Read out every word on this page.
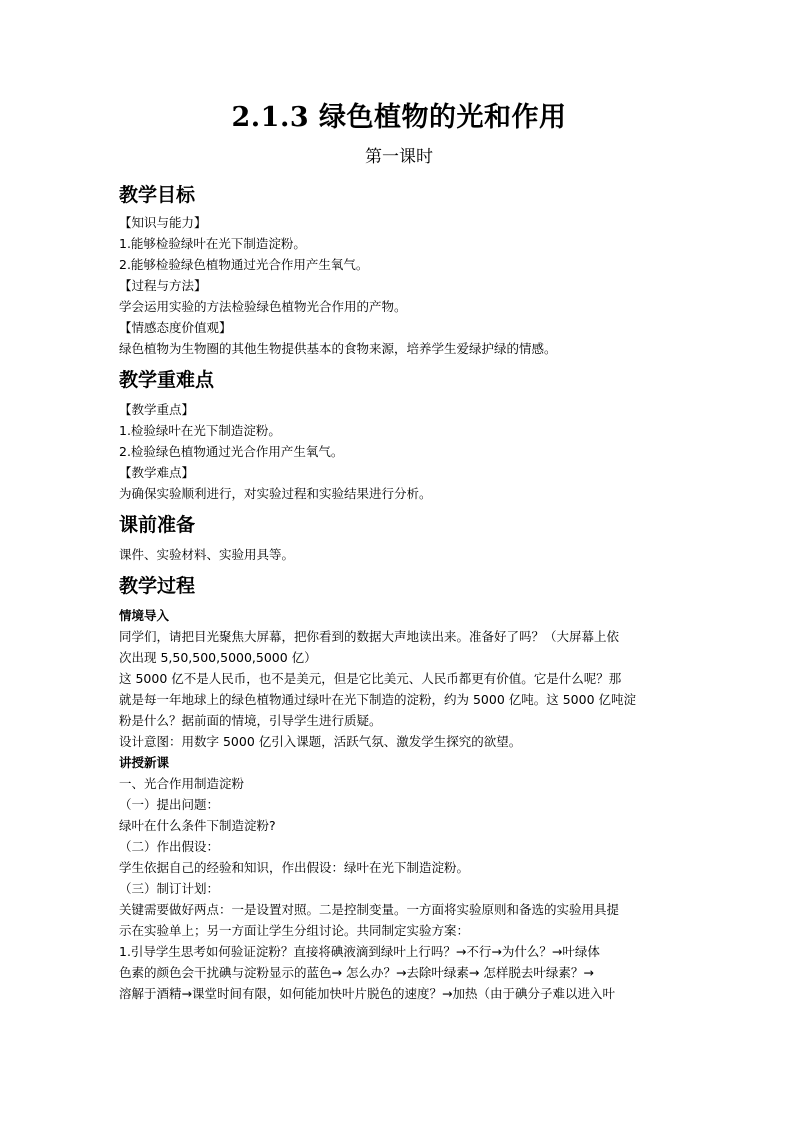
2.1.3 绿色植物的光和作用

第一课时

教学目标

【知识与能力】

1.能够检验绿叶在光下制造淀粉。

2.能够检验绿色植物通过光合作用产生氧气。

【过程与方法】

学会运用实验的方法检验绿色植物光合作用的产物。

【情感态度价值观】

绿色植物为生物圈的其他生物提供基本的食物来源，培养学生爱绿护绿的情感。

教学重难点

【教学重点】

1.检验绿叶在光下制造淀粉。

2.检验绿色植物通过光合作用产生氧气。

【教学难点】

为确保实验顺利进行，对实验过程和实验结果进行分析。

课前准备

课件、实验材料、实验用具等。

教学过程

情境导入

同学们，请把目光聚焦大屏幕，把你看到的数据大声地读出来。准备好了吗？（大屏幕上依

次出现 5,50,500,5000,5000 亿）

这 5000 亿不是人民币，也不是美元，但是它比美元、人民币都更有价值。它是什么呢？那

就是每一年地球上的绿色植物通过绿叶在光下制造的淀粉，约为 5000 亿吨。这 5000 亿吨淀

粉是什么？据前面的情境，引导学生进行质疑。

设计意图：用数字 5000 亿引入课题，活跃气氛、激发学生探究的欲望。

讲授新课

一、光合作用制造淀粉

（一）提出问题：

绿叶在什么条件下制造淀粉?

（二）作出假设：

学生依据自己的经验和知识，作出假设：绿叶在光下制造淀粉。

（三）制订计划：

关键需要做好两点：一是设置对照。二是控制变量。一方面将实验原则和备选的实验用具提

示在实验单上；另一方面让学生分组讨论。共同制定实验方案：

1.引导学生思考如何验证淀粉？直接将碘液滴到绿叶上行吗？→不行→为什么？→叶绿体

色素的颜色会干扰碘与淀粉显示的蓝色→ 怎么办？→去除叶绿素→ 怎样脱去叶绿素？→

溶解于酒精→课堂时间有限，如何能加快叶片脱色的速度？→加热（由于碘分子难以进入叶
